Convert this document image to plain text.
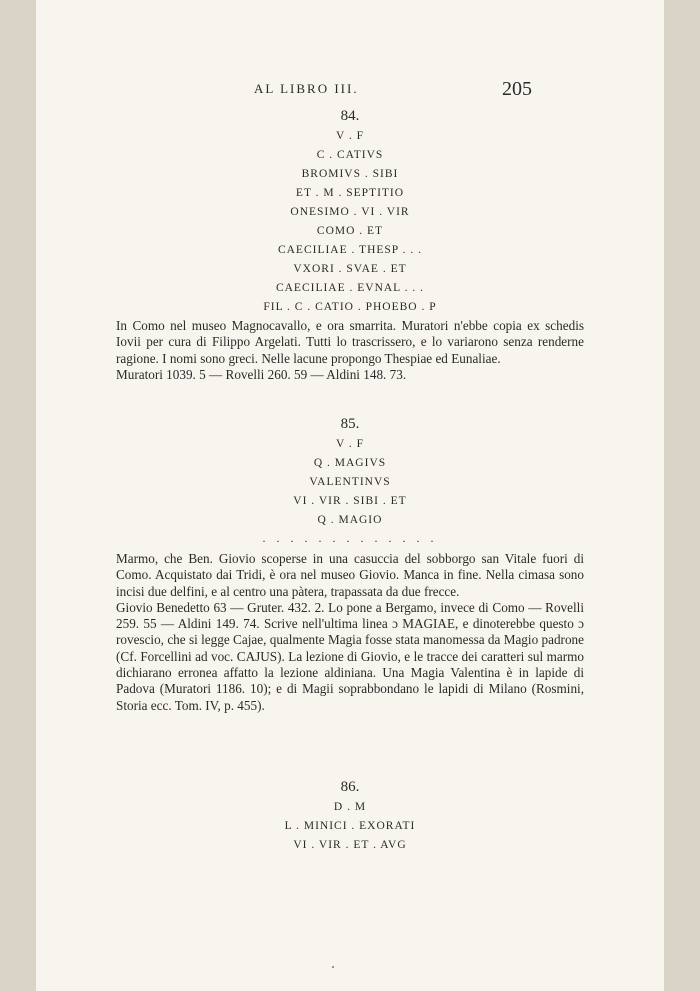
AL LIBRO III.	205
84.
V . F
C . CATIVS
BROMIVS . SIBI
ET . M . SEPTITIO
ONESIMO . VI . VIR
COMO . ET
CAECILIAE . THESP . . .
VXORI . SVAE . ET
CAECILIAE . EVNAL . . .
FIL . C . CATIO . PHOEBO . P

In Como nel museo Magnocavallo, e ora smarrita. Muratori n'ebbe copia ex schedis Iovii per cura di Filippo Argelati. Tutti lo trascrissero, e lo variarono senza renderne ragione. I nomi sono greci. Nelle lacune propongo Thespiae ed Eunaliae.

Muratori 1039. 5 — Rovelli 260. 59 — Aldini 148. 73.

85.
V . F
Q . MAGIVS
VALENTINVS
VI . VIR . SIBI . ET
Q . MAGIO
. . . . . . . . . . . . .

Marmo, che Ben. Giovio scoperse in una casuccia del sobborgo san Vitale fuori di Como. Acquistato dai Tridi, è ora nel museo Giovio. Manca in fine. Nella cimasa sono incisi due delfini, e al centro una pàtera, trapassata da due frecce.

Giovio Benedetto 63 — Gruter. 432. 2. Lo pone a Bergamo, invece di Como — Rovelli 259. 55 — Aldini 149. 74. Scrive nell'ultima linea ɔ MAGIAE, e dinoterebbe questo ɔ rovescio, che si legge Cajae, qualmente Magia fosse stata manomessa da Magio padrone (Cf. Forcellini ad voc. CAJUS). La lezione di Giovio, e le tracce dei caratteri sul marmo dichiarano erronea affatto la lezione aldiniana. Una Magia Valentina è in lapide di Padova (Muratori 1186. 10); e di Magii soprabbondano le lapidi di Milano (Rosmini, Storia ecc. Tom. IV, p. 455).

86.
D . M
L . MINICI . EXORATI
VI . VIR . ET . AVG
